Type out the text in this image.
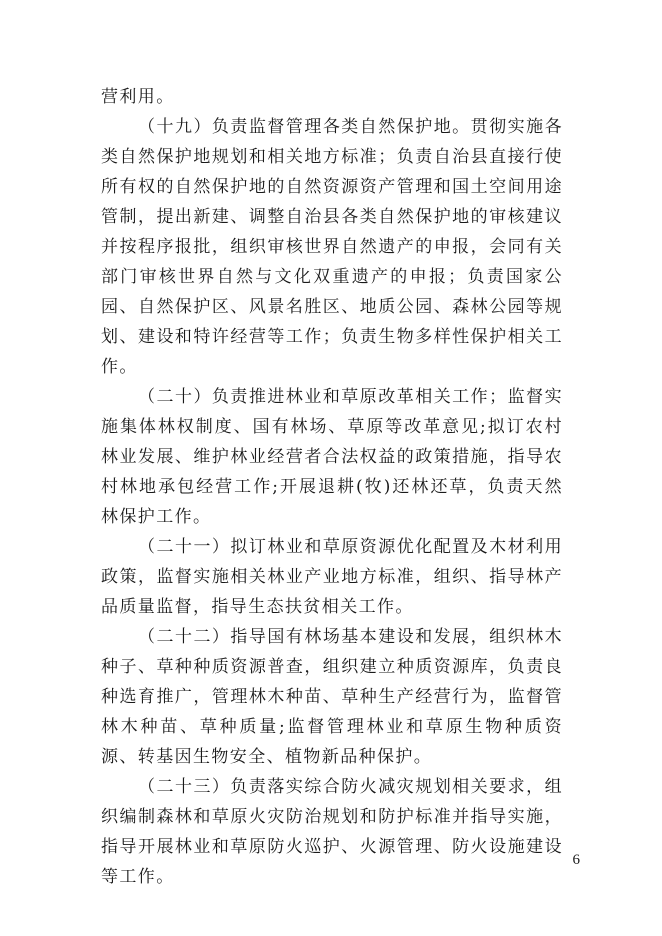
营利用。

（十九）负责监督管理各类自然保护地。贯彻实施各类自然保护地规划和相关地方标准；负责自治县直接行使所有权的自然保护地的自然资源资产管理和国土空间用途管制，提出新建、调整自治县各类自然保护地的审核建议并按程序报批，组织审核世界自然遗产的申报，会同有关部门审核世界自然与文化双重遗产的申报；负责国家公园、自然保护区、风景名胜区、地质公园、森林公园等规划、建设和特许经营等工作；负责生物多样性保护相关工作。

（二十）负责推进林业和草原改革相关工作；监督实施集体林权制度、国有林场、草原等改革意见;拟订农村林业发展、维护林业经营者合法权益的政策措施，指导农村林地承包经营工作;开展退耕(牧)还林还草，负责天然林保护工作。

（二十一）拟订林业和草原资源优化配置及木材利用政策，监督实施相关林业产业地方标准，组织、指导林产品质量监督，指导生态扶贫相关工作。

（二十二）指导国有林场基本建设和发展，组织林木种子、草种种质资源普查，组织建立种质资源库，负责良种选育推广，管理林木种苗、草种生产经营行为，监督管林木种苗、草种质量;监督管理林业和草原生物种质资源、转基因生物安全、植物新品种保护。

（二十三）负责落实综合防火减灾规划相关要求，组织编制森林和草原火灾防治规划和防护标准并指导实施，指导开展林业和草原防火巡护、火源管理、防火设施建设等工作。

6
